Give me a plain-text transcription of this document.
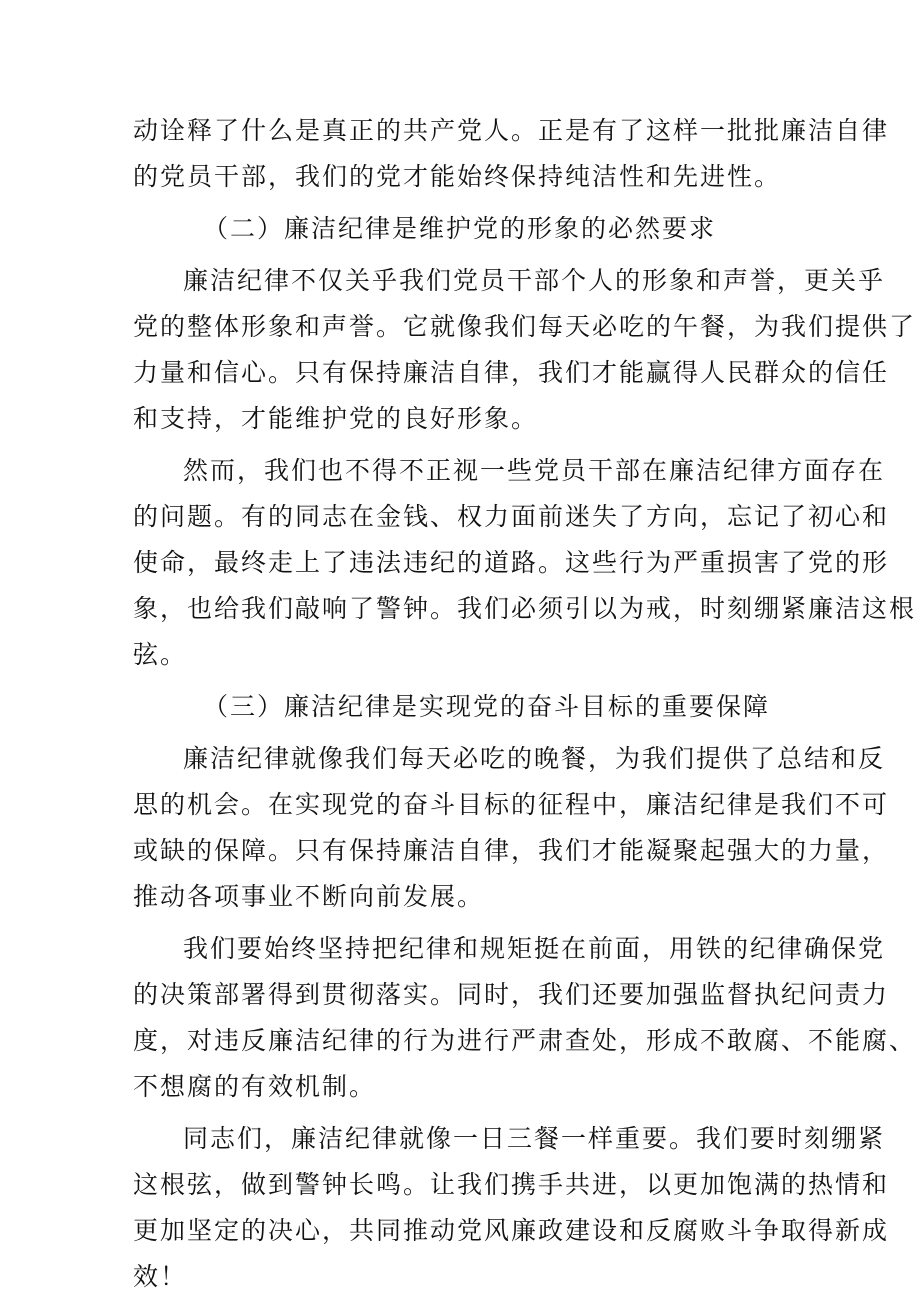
动诠释了什么是真正的共产党人。正是有了这样一批批廉洁自律
的党员干部，我们的党才能始终保持纯洁性和先进性。
（二）廉洁纪律是维护党的形象的必然要求
廉洁纪律不仅关乎我们党员干部个人的形象和声誉，更关乎
党的整体形象和声誉。它就像我们每天必吃的午餐，为我们提供了
力量和信心。只有保持廉洁自律，我们才能赢得人民群众的信任
和支持，才能维护党的良好形象。
然而，我们也不得不正视一些党员干部在廉洁纪律方面存在
的问题。有的同志在金钱、权力面前迷失了方向，忘记了初心和
使命，最终走上了违法违纪的道路。这些行为严重损害了党的形
象，也给我们敲响了警钟。我们必须引以为戒，时刻绷紧廉洁这根
弦。
（三）廉洁纪律是实现党的奋斗目标的重要保障
廉洁纪律就像我们每天必吃的晚餐，为我们提供了总结和反
思的机会。在实现党的奋斗目标的征程中，廉洁纪律是我们不可
或缺的保障。只有保持廉洁自律，我们才能凝聚起强大的力量，
推动各项事业不断向前发展。
我们要始终坚持把纪律和规矩挺在前面，用铁的纪律确保党
的决策部署得到贯彻落实。同时，我们还要加强监督执纪问责力
度，对违反廉洁纪律的行为进行严肃查处，形成不敢腐、不能腐、
不想腐的有效机制。
同志们，廉洁纪律就像一日三餐一样重要。我们要时刻绷紧
这根弦，做到警钟长鸣。让我们携手共进，以更加饱满的热情和
更加坚定的决心，共同推动党风廉政建设和反腐败斗争取得新成
效！
